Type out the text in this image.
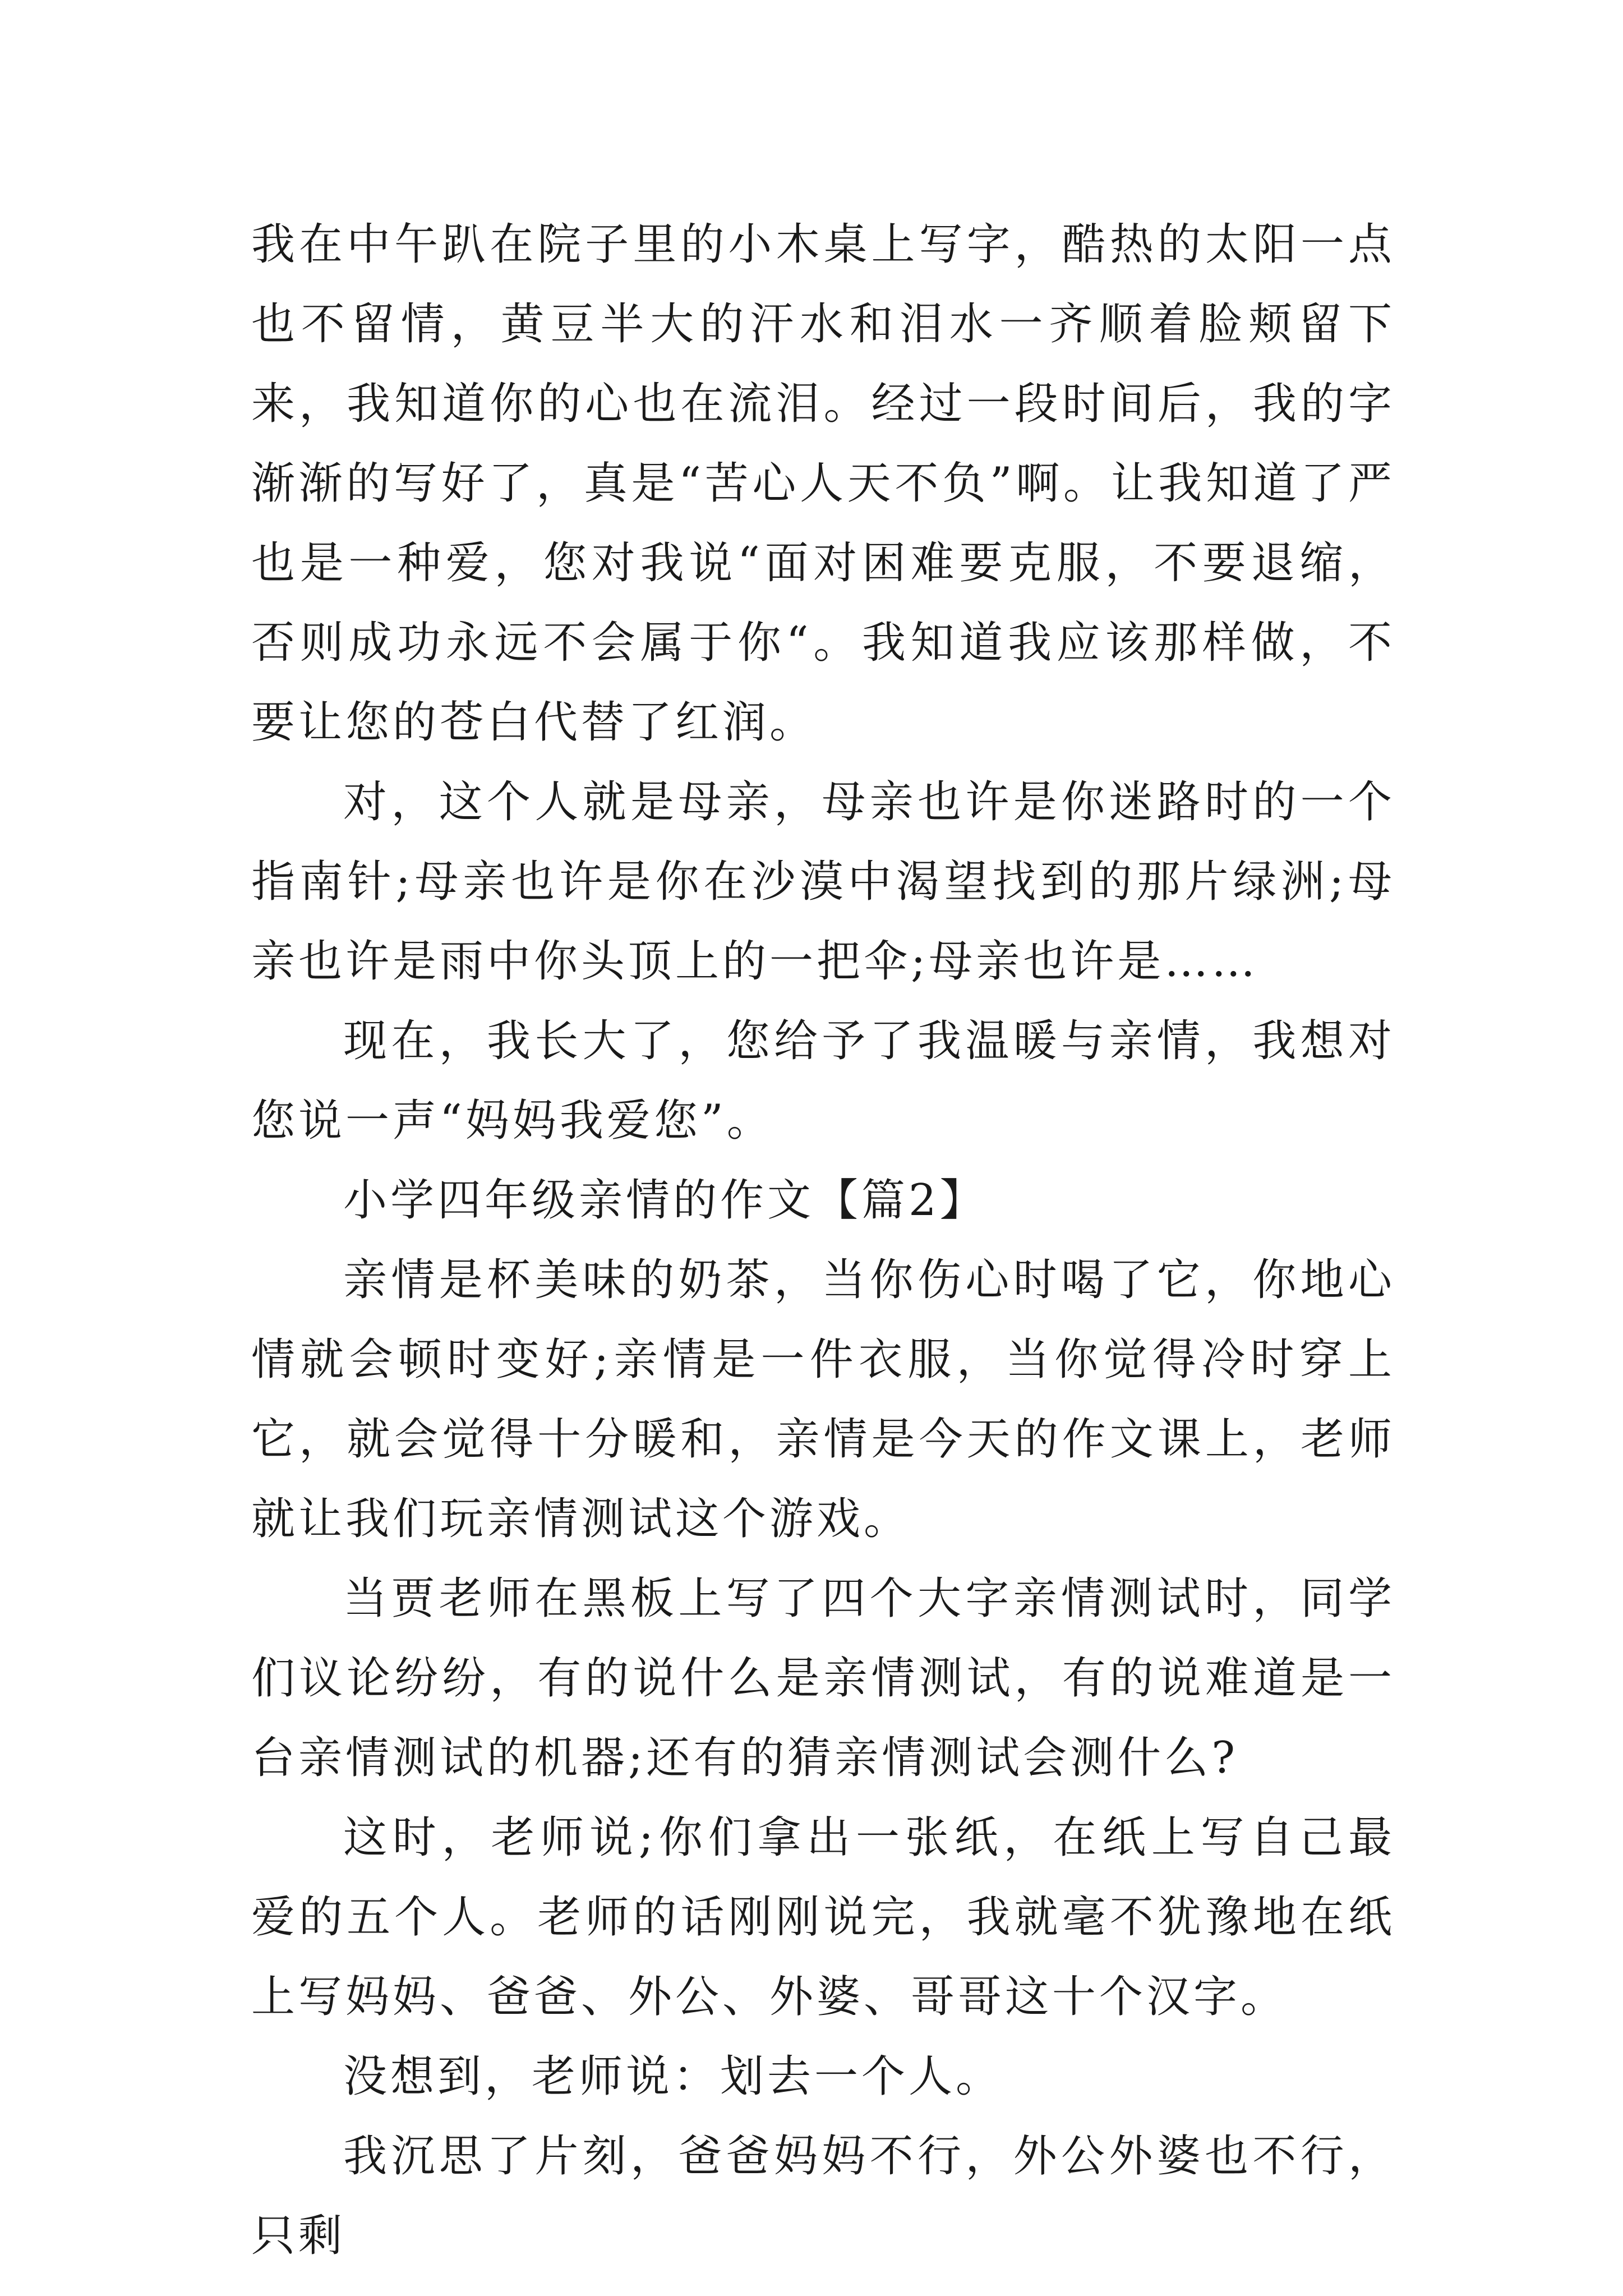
我在中午趴在院子里的小木桌上写字，酷热的太阳一点也不留情，黄豆半大的汗水和泪水一齐顺着脸颊留下来，我知道你的心也在流泪。经过一段时间后，我的字渐渐的写好了，真是“苦心人天不负”啊。让我知道了严也是一种爱，您对我说“面对困难要克服，不要退缩，否则成功永远不会属于你“。我知道我应该那样做，不要让您的苍白代替了红润。

对，这个人就是母亲，母亲也许是你迷路时的一个指南针;母亲也许是你在沙漠中渴望找到的那片绿洲;母亲也许是雨中你头顶上的一把伞;母亲也许是……

现在，我长大了，您给予了我温暖与亲情，我想对您说一声“妈妈我爱您”。

小学四年级亲情的作文【篇2】

亲情是杯美味的奶茶，当你伤心时喝了它，你地心情就会顿时变好;亲情是一件衣服，当你觉得冷时穿上它，就会觉得十分暖和，亲情是今天的作文课上，老师就让我们玩亲情测试这个游戏。

当贾老师在黑板上写了四个大字亲情测试时，同学们议论纷纷，有的说什么是亲情测试，有的说难道是一台亲情测试的机器;还有的猜亲情测试会测什么?

这时，老师说;你们拿出一张纸，在纸上写自己最爱的五个人。老师的话刚刚说完，我就毫不犹豫地在纸上写妈妈、爸爸、外公、外婆、哥哥这十个汉字。

没想到，老师说：划去一个人。

我沉思了片刻，爸爸妈妈不行，外公外婆也不行，只剩
